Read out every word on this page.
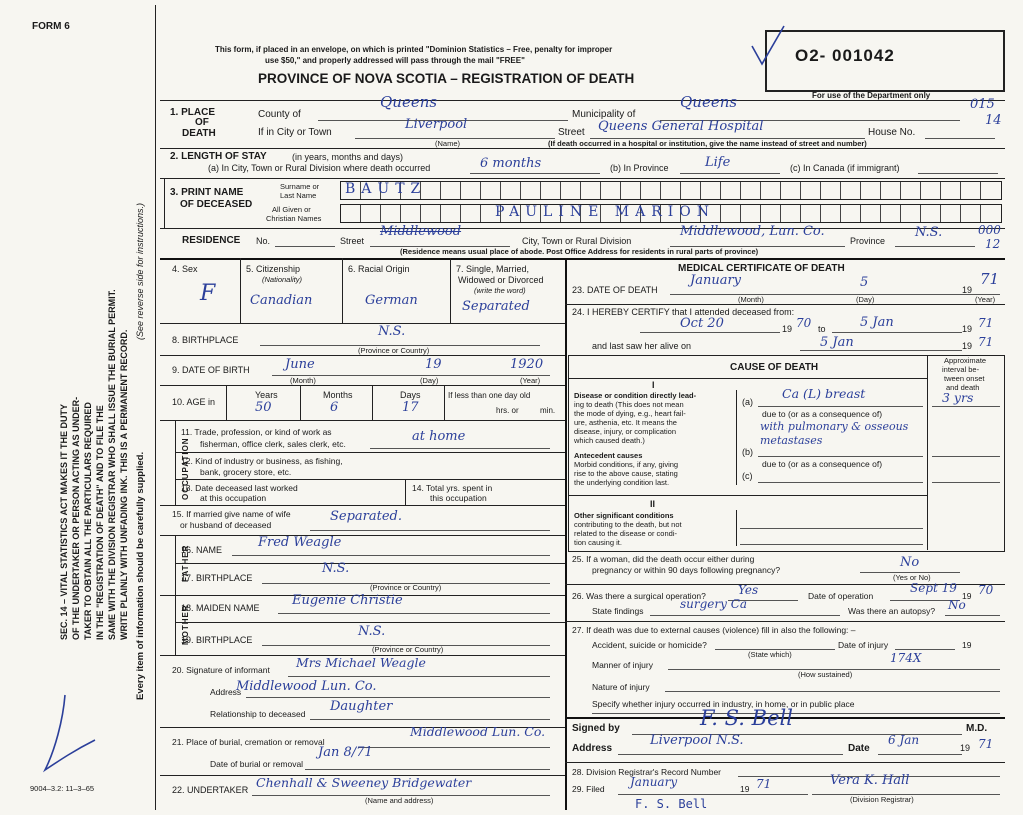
FORM 6
SEC. 14 – VITAL STATISTICS ACT MAKES IT THE DUTY OF THE UNDERTAKER OR PERSON ACTING AS UNDER- TAKER TO OBTAIN ALL THE PARTICULARS REQUIRED IN THE "REGISTRATION OF DEATH" AND TO FILE THE SAME WITH THE DIVISION REGISTRAR WHO SHALL ISSUE THE BURIAL PERMIT. WRITE PLAINLY WITH UNFADING INK. THIS IS A PERMANENT RECORD. Every item of information should be carefully supplied.
(See reverse side for instructions.)
9004–3.2: 11–3–65
This form, if placed in an envelope, on which is printed "Dominion Statistics – Free, penalty for improper
use $50," and properly addressed will pass through the mail "FREE"
PROVINCE OF NOVA SCOTIA – REGISTRATION OF DEATH
O2- 001042
For use of the Department only
1. PLACE
OF
DEATH
County of
Queens
Municipality of
Queens	015
If in City or Town
Liverpool
(Name)
Street Queens General Hospital	House No.
14
(If death occurred in a hospital or institution, give the name instead of street and number)
2. LENGTH OF STAY	(in years, months and days)
(a) In City, Town or Rural Division where death occurred	6 months	(b) In Province	Life	(c) In Canada (if immigrant)
3. PRINT NAME
OF DECEASED
Surname or
Last Name
All Given or
Christian Names
BAUTZ
PAULINE MARION
RESIDENCE No.	Street
Middlewood
City, Town or Rural Division
Middlewood, Lun. Co.
Province
N.S.	000
12
(Residence means usual place of abode. Post Office Address for residents in rural parts of province)
4. Sex
F
5. Citizenship
(Nationality)
Canadian
6. Racial Origin
German
7. Single, Married,
Widowed or Divorced
(write the word)
Separated
8. BIRTHPLACE
N.S.
(Province or Country)
9. DATE OF BIRTH	June	19	1920
(Month)	(Day)	(Year)
10. AGE in
Years	Months	Days
50	6	17
If less than one day old
hrs. or	min.
OCCUPATION
11. Trade, profession, or kind of work as
fisherman, office clerk, sales clerk, etc.	at home
12. Kind of industry or business, as fishing,
bank, grocery store, etc.
13. Date deceased last worked
at this occupation
14. Total yrs. spent in
this occupation
15. If married give name of wife
or husband of deceased
Separated.
FATHER
16. NAME	Fred Weagle
17. BIRTHPLACE
N.S.
(Province or Country)
MOTHER
18. MAIDEN NAME Eugenie Christie
19. BIRTHPLACE
N.S.
(Province or Country)
20. Signature of informant Mrs Michael Weagle
Address
Middlewood Lun. Co.
Relationship to deceased Daughter
21. Place of burial, cremation or removal
Middlewood Lun. Co.
Date of burial or removal
Jan 8/71
22. UNDERTAKER Chenhall & Sweeney Bridgewater
(Name and address)
MEDICAL CERTIFICATE OF DEATH
23. DATE OF DEATH
January	5	19
71
(Month)	(Day)	(Year)
24. I HEREBY CERTIFY that I attended deceased from:
Oct 20	19 70 to	5 Jan	19 71
and last saw her alive on	5 Jan	19 71
CAUSE OF DEATH
Approximate
interval be-
tween onset
and death
I
Disease or condition directly lead-
ing to death (This does not mean
the mode of dying, e.g., heart fail-
ure, asthenia, etc. It means the
disease, injury, or complication
which caused death.)
(a)
Ca (L) breast	3 yrs
due to (or as a consequence of)
with pulmonary & osseous metastases
(b)
Antecedent causes
Morbid conditions, if any, giving
rise to the above cause, stating
the underlying condition last.
due to (or as a consequence of)
(c)
II
Other significant conditions
contributing to the death, but not
related to the disease or condi-
tion causing it.
25. If a woman, did the death occur either during
pregnancy or within 90 days following pregnancy?	No
(Yes or No)
26. Was there a surgical operation?	Yes	Date of operation
Sept 19
19 70
State findings	surgery Ca	Was there an autopsy? No
27. If death was due to external causes (violence) fill in also the following: –
Accident, suicide or homicide?
(State which)
Date of injury	19
Manner of injury	174X
(How sustained)
Nature of injury
Specify whether injury occurred in industry, in home, or in public place
Signed by	F. S. Bell	M.D.
Address
Liverpool N.S.
Date
6 Jan
19 71
28. Division Registrar's Record Number
29. Filed January	19 71	Vera K. Hall
(Division Registrar)
F. S. Bell
